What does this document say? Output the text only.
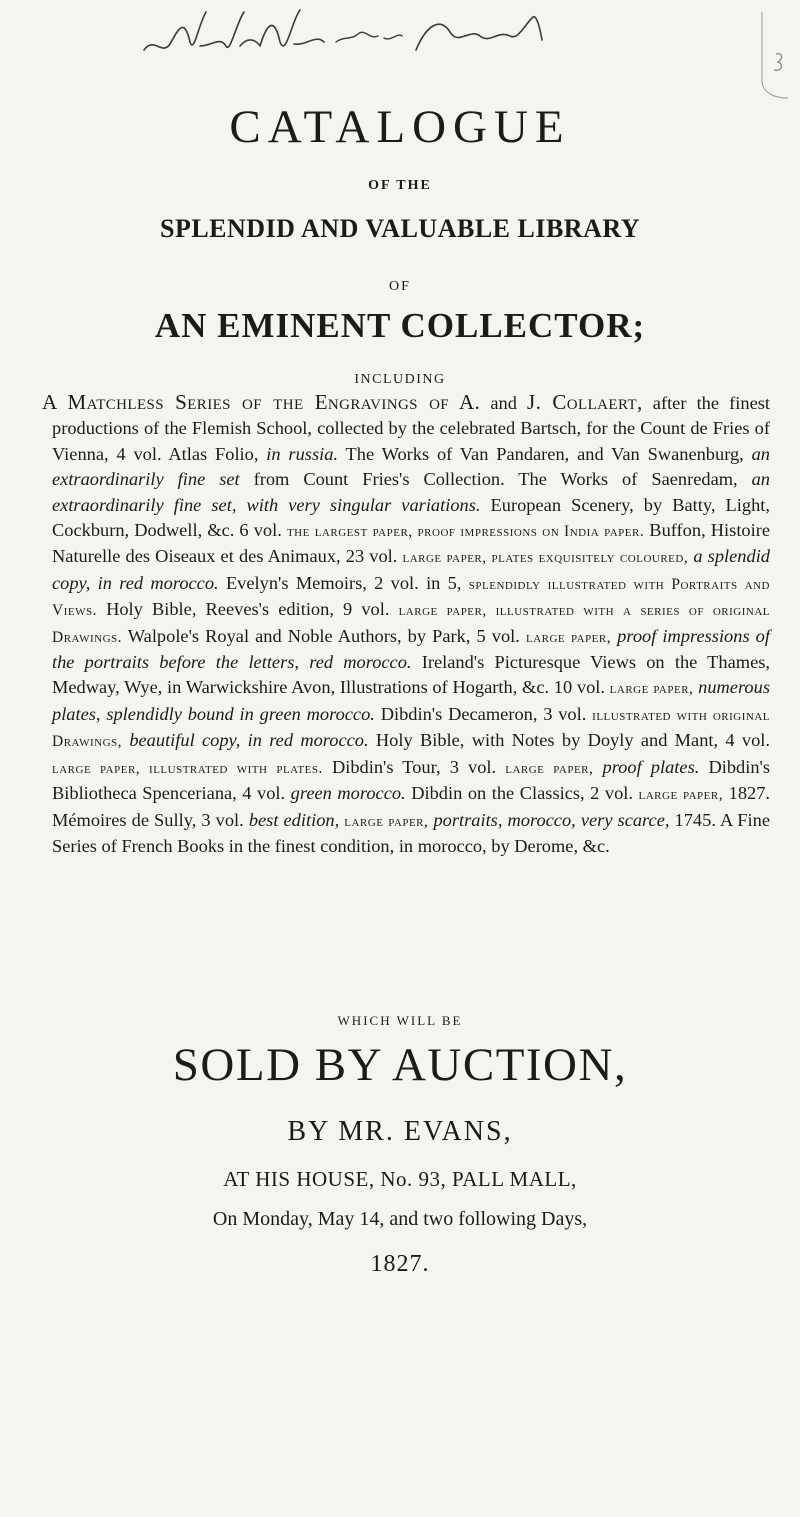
CATALOGUE
OF THE
SPLENDID AND VALUABLE LIBRARY
OF
AN EMINENT COLLECTOR;
INCLUDING
A Matchless Series of the Engravings of A. and J. Collaert, after the finest productions of the Flemish School, collected by the celebrated Bartsch, for the Count de Fries of Vienna, 4 vol. Atlas Folio, in russia. The Works of Van Pandaren, and Van Swanenburg, an extraordinarily fine set from Count Fries's Collection. The Works of Saenredam, an extraordinarily fine set, with very singular variations. European Scenery, by Batty, Light, Cockburn, Dodwell, &c. 6 vol. the largest paper, proof impressions on India paper. Buffon, Histoire Naturelle des Oiseaux et des Animaux, 23 vol. large paper, plates exquisitely coloured, a splendid copy, in red morocco. Evelyn's Memoirs, 2 vol. in 5, splendidly illustrated with Portraits and Views. Holy Bible, Reeves's edition, 9 vol. large paper, illustrated with a series of original Drawings. Walpole's Royal and Noble Authors, by Park, 5 vol. large paper, proof impressions of the portraits before the letters, red morocco. Ireland's Picturesque Views on the Thames, Medway, Wye, in Warwickshire Avon, Illustrations of Hogarth, &c. 10 vol. large paper, numerous plates, splendidly bound in green morocco. Dibdin's Decameron, 3 vol. illustrated with original Drawings, beautiful copy, in red morocco. Holy Bible, with Notes by Doyly and Mant, 4 vol. large paper, illustrated with plates. Dibdin's Tour, 3 vol. large paper, proof plates. Dibdin's Bibliotheca Spenceriana, 4 vol. green morocco. Dibdin on the Classics, 2 vol. large paper, 1827. Mémoires de Sully, 3 vol. best edition, large paper, portraits, morocco, very scarce, 1745. A Fine Series of French Books in the finest condition, in morocco, by Derome, &c.
WHICH WILL BE
SOLD BY AUCTION,
BY MR. EVANS,
AT HIS HOUSE, No. 93, PALL MALL,
On Monday, May 14, and two following Days,
1827.
